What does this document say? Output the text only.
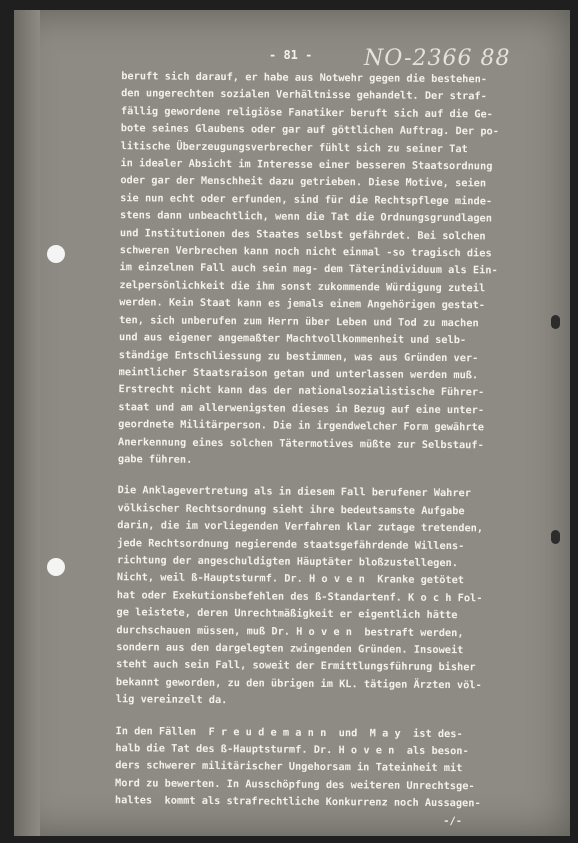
- 81 - NO-2366 88
beruft sich darauf, er habe aus Notwehr gegen die bestehen-
den ungerechten sozialen Verhältnisse gehandelt. Der straf-
fällig gewordene religiöse Fanatiker beruft sich auf die Ge-
bote seines Glaubens oder gar auf göttlichen Auftrag. Der po-
litische Überzeugungsverbrecher fühlt sich zu seiner Tat
in idealer Absicht im Interesse einer besseren Staatsordnung
oder gar der Menschheit dazu getrieben. Diese Motive, seien
sie nun echt oder erfunden, sind für die Rechtspflege minde-
stens dann unbeachtlich, wenn die Tat die Ordnungsgrundlagen
und Institutionen des Staates selbst gefährdet. Bei solchen
schweren Verbrechen kann noch nicht einmal -so tragisch dies
im einzelnen Fall auch sein mag- dem Täterindividuum als Ein-
zelpersönlichkeit die ihm sonst zukommende Würdigung zuteil
werden. Kein Staat kann es jemals einem Angehörigen gestat-
ten, sich unberufen zum Herrn über Leben und Tod zu machen
und aus eigener angemaßter Machtvollkommenheit und selb-
ständige Entschliessung zu bestimmen, was aus Gründen ver-
meintlicher Staatsraison getan und unterlassen werden muß.
Erstrecht nicht kann das der nationalsozialistische Führer-
staat und am allerwenigsten dieses in Bezug auf eine unter-
geordnete Militärperson. Die in irgendwelcher Form gewährte
Anerkennung eines solchen Tätermotives müßte zur Selbstauf-
gabe führen.
Die Anklagevertretung als in diesem Fall berufener Wahrer
völkischer Rechtsordnung sieht ihre bedeutsamste Aufgabe
darin, die im vorliegenden Verfahren klar zutage tretenden,
jede Rechtsordnung negierende staatsgefährdende Willens-
richtung der angeschuldigten Häuptäter bloßzustellegen.
Nicht, weil ß-Hauptsturmf. Dr. H o v e n  Kranke getötet
hat oder Exekutionsbefehlen des ß-Standartenf. K o c h Fol-
ge leistete, deren Unrechtmäßigkeit er eigentlich hätte
durchschauen müssen, muß Dr. H o v e n  bestraft werden,
sondern aus den dargelegten zwingenden Gründen. Insoweit
steht auch sein Fall, soweit der Ermittlungsführung bisher
bekannt geworden, zu den übrigen im KL. tätigen Ärzten völ-
lig vereinzelt da.
In den Fällen  F r e u d e m a n n  und  M a y  ist des-
halb die Tat des ß-Hauptsturmf. Dr. H o v e n  als beson-
ders schwerer militärischer Ungehorsam in Tateinheit mit
Mord zu bewerten. In Ausschöpfung des weiteren Unrechtsge-
haltes  kommt als strafrechtliche Konkurrenz noch Aussagen-
-/-
